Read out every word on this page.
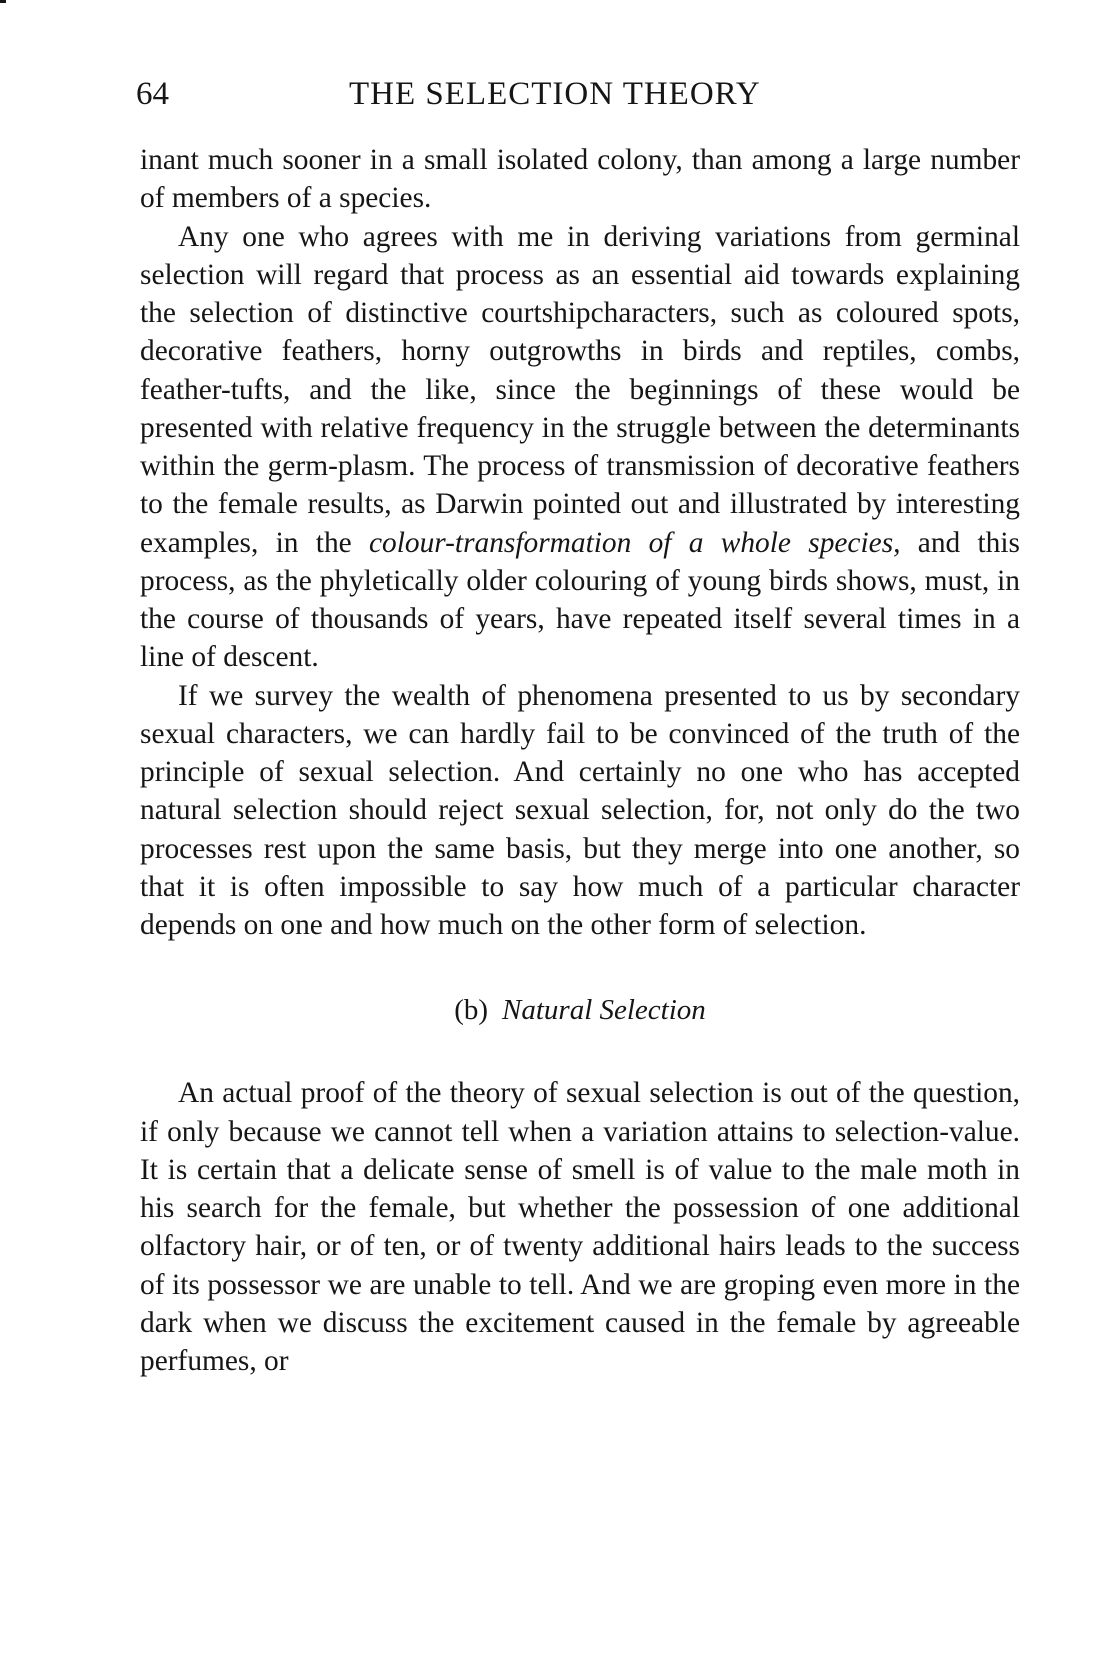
64	THE SELECTION THEORY

inant much sooner in a small isolated colony, than among a large number of members of a species.

Any one who agrees with me in deriving variations from germinal selection will regard that process as an essential aid towards explaining the selection of distinctive courtshipcharacters, such as coloured spots, decorative feathers, horny outgrowths in birds and reptiles, combs, feather-tufts, and the like, since the beginnings of these would be presented with relative frequency in the struggle between the determinants within the germ-plasm. The process of transmission of decorative feathers to the female results, as Darwin pointed out and illustrated by interesting examples, in the colour-transformation of a whole species, and this process, as the phyletically older colouring of young birds shows, must, in the course of thousands of years, have repeated itself several times in a line of descent.

If we survey the wealth of phenomena presented to us by secondary sexual characters, we can hardly fail to be convinced of the truth of the principle of sexual selection. And certainly no one who has accepted natural selection should reject sexual selection, for, not only do the two processes rest upon the same basis, but they merge into one another, so that it is often impossible to say how much of a particular character depends on one and how much on the other form of selection.

(b) Natural Selection

An actual proof of the theory of sexual selection is out of the question, if only because we cannot tell when a variation attains to selection-value. It is certain that a delicate sense of smell is of value to the male moth in his search for the female, but whether the possession of one additional olfactory hair, or of ten, or of twenty additional hairs leads to the success of its possessor we are unable to tell. And we are groping even more in the dark when we discuss the excitement caused in the female by agreeable perfumes, or
